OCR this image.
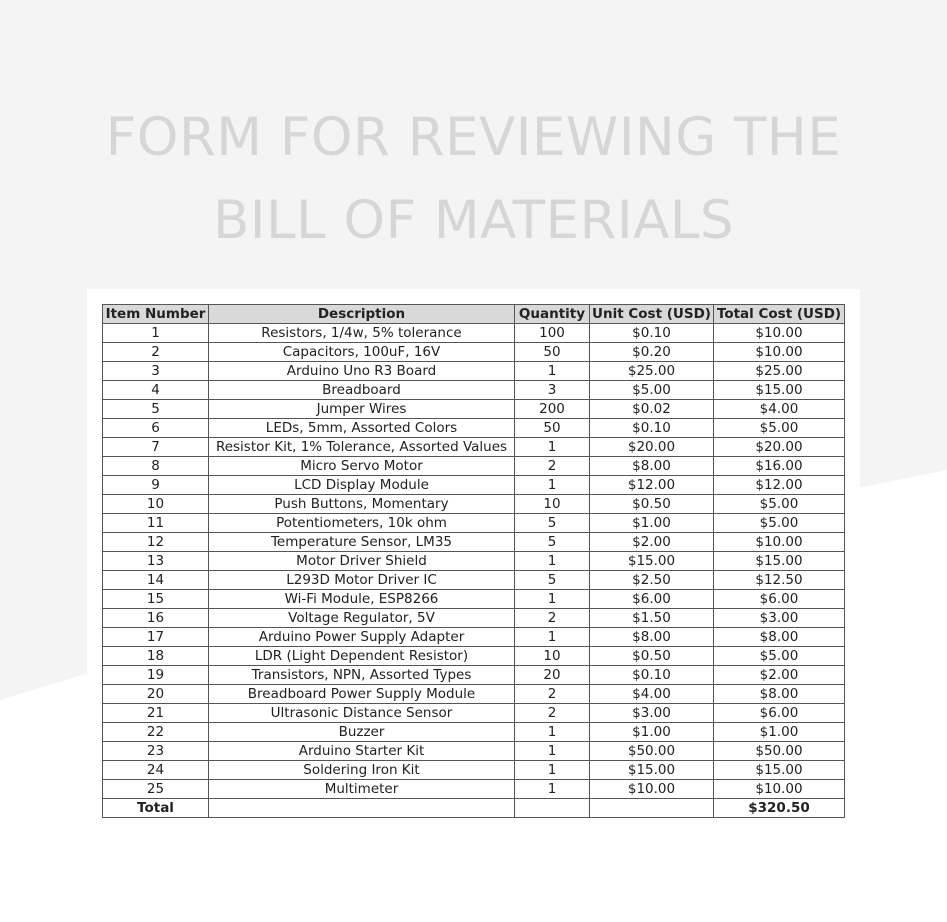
FORM FOR REVIEWING THE
BILL OF MATERIALS
Item Number	Description	Quantity	Unit Cost (USD)	Total Cost (USD)
1	Resistors, 1/4w, 5% tolerance	100	$0.10	$10.00
2	Capacitors, 100uF, 16V	50	$0.20	$10.00
3	Arduino Uno R3 Board	1	$25.00	$25.00
4	Breadboard	3	$5.00	$15.00
5	Jumper Wires	200	$0.02	$4.00
6	LEDs, 5mm, Assorted Colors	50	$0.10	$5.00
7	Resistor Kit, 1% Tolerance, Assorted Values	1	$20.00	$20.00
8	Micro Servo Motor	2	$8.00	$16.00
9	LCD Display Module	1	$12.00	$12.00
10	Push Buttons, Momentary	10	$0.50	$5.00
11	Potentiometers, 10k ohm	5	$1.00	$5.00
12	Temperature Sensor, LM35	5	$2.00	$10.00
13	Motor Driver Shield	1	$15.00	$15.00
14	L293D Motor Driver IC	5	$2.50	$12.50
15	Wi-Fi Module, ESP8266	1	$6.00	$6.00
16	Voltage Regulator, 5V	2	$1.50	$3.00
17	Arduino Power Supply Adapter	1	$8.00	$8.00
18	LDR (Light Dependent Resistor)	10	$0.50	$5.00
19	Transistors, NPN, Assorted Types	20	$0.10	$2.00
20	Breadboard Power Supply Module	2	$4.00	$8.00
21	Ultrasonic Distance Sensor	2	$3.00	$6.00
22	Buzzer	1	$1.00	$1.00
23	Arduino Starter Kit	1	$50.00	$50.00
24	Soldering Iron Kit	1	$15.00	$15.00
25	Multimeter	1	$10.00	$10.00
Total				$320.50
